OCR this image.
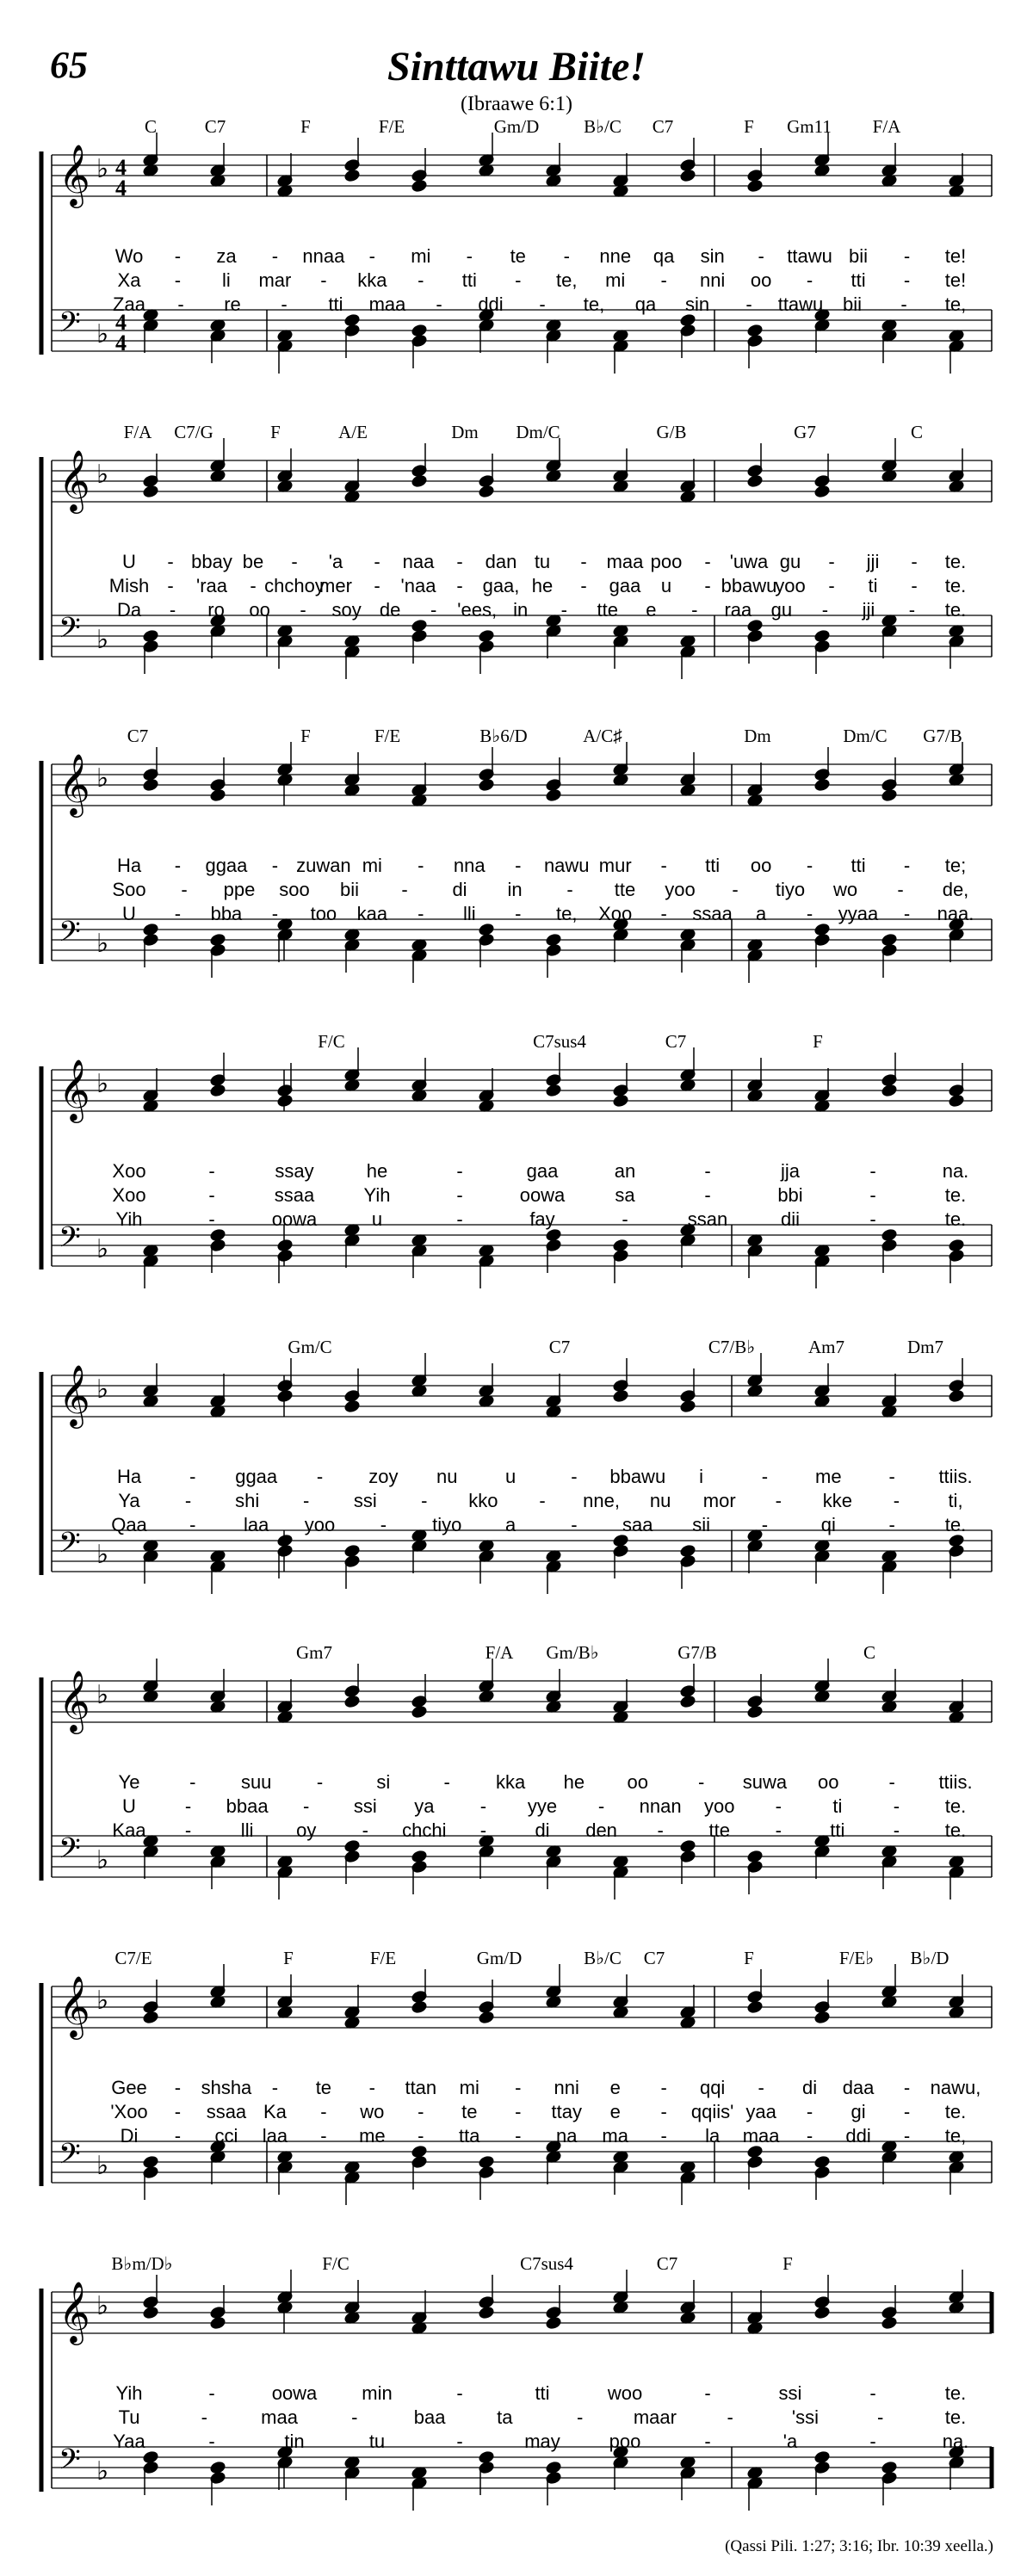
65	Sinttawu Biite!
(Ibraawe 6:1)
𝄞 ♭ 4
4
𝄢 ♭ 4
4
C	C7	F	F/E	Gm/D B♭/C C7	F Gm11 F/A
Wo - za - nnaa - mi - te - nne qa sin - ttawu bii - te!
Xa - li mar - kka - tti - te, mi - nni oo - tti - te!
Zaa - re - tti maa - ddi - te, qa sin - ttawu bii - te,
𝄞 ♭
𝄢 ♭
F/A C7/G	F	A/E	Dm Dm/C	G/B	G7	C
U - bbay be - 'a - naa - dan tu - maa poo - 'uwa gu - jji - te.
Mish - 'raa - chchoy
mer - 'naa - gaa, he - gaa u - bbawu
yoo - ti - te.
Da - ro oo - soy de - 'ees, in - tte e - raa gu - jji - te.
𝄞 ♭
𝄢 ♭
C7	F	F/E	B♭6/D	A/C♯	Dm	Dm/C G7/B
Ha - ggaa - zuwan mi - nna - nawu mur - tti oo - tti - te;
Soo - ppe soo bii - di in - tte yoo - tiyo wo - de,
U - bba - too kaa - lli - te, Xoo - ssaa a - yyaa - naa.
𝄞 ♭
𝄢 ♭
F/C	C7sus4	C7	F
Xoo	-	ssay	he	-	gaa	an	-	jja	-	na.
Xoo	-	ssaa	Yih	-	oowa	sa	-	bbi	-	te.
Yih	-	oowa	u	-	fay	-	ssan	dii	-	te.
𝄞 ♭
𝄢 ♭
Gm/C	C7	C7/B♭	Am7	Dm7
Ha	- ggaa - zoy nu	u	- bbawu i	- me - ttiis.
Ya - shi - ssi - kko - nne, nu mor - kke -	ti,
Qaa -	laa yoo - tiyo a	- saa sii	-	qi	-	te.
𝄞 ♭
𝄢 ♭
Gm7	F/A Gm/B♭	G7/B	C
Ye	- suu -	si	- kka he oo	- suwa oo	- ttiis.
U	- bbaa - ssi ya - yye - nnan yoo -	ti	- te.
Kaa -	lli oy - chchi -	di den - tte -	tti	- te.
𝄞 ♭
𝄢 ♭
C7/E	F	F/E	Gm/D	B♭/C C7	F	F/E♭ B♭/D
Gee - shsha - te - ttan mi - nni e - qqi - di daa - nawu,
'Xoo - ssaa Ka - wo - te - ttay e - qqiis' yaa - gi - te.
Di - cci laa - me - tta - na ma - la maa - ddi - te,
𝄞 ♭
𝄢 ♭
B♭m/D♭	F/C	C7sus4	C7	F
Yih	-	oowa min	-	tti	woo	-	ssi	-	te.
Tu	-	maa	-	baa	ta	-	maar	-	'ssi	-	te.
Yaa	-	tin	tu	-	may	poo	-	'a	-	na.
(Qassi Pili. 1:27; 3:16; Ibr. 10:39 xeella.)
